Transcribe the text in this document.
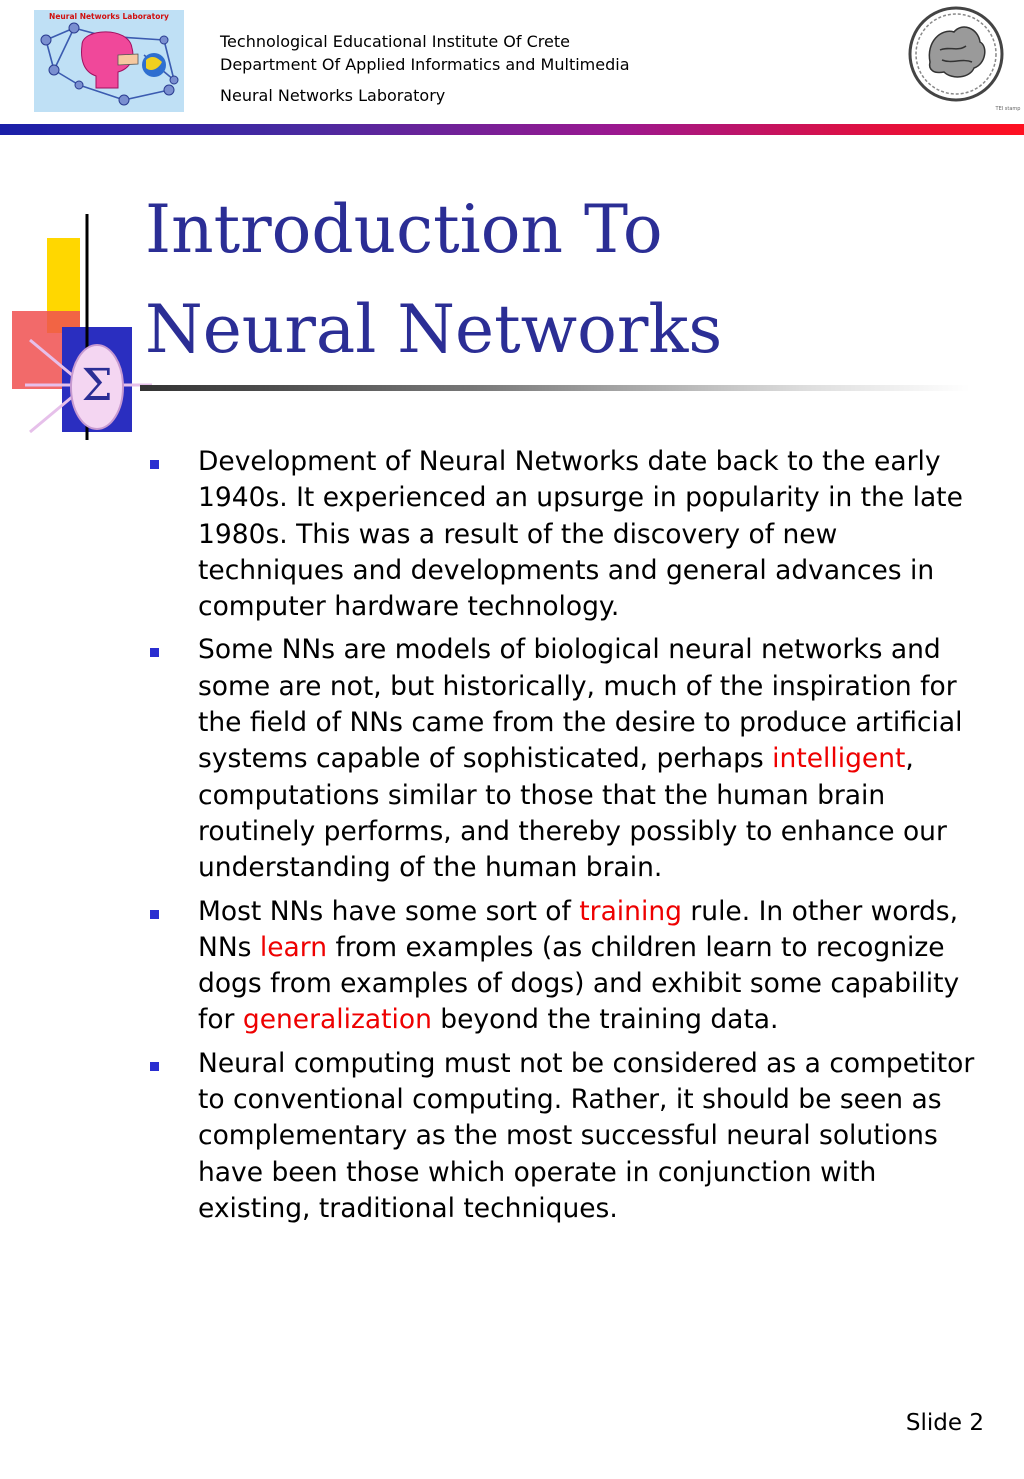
Neural Networks Laboratory
Technological Educational Institute Of Crete
Department Of Applied Informatics and Multimedia
Neural Networks Laboratory
TEI stamp
Σ
Introduction To
Neural Networks
Development of Neural Networks date back to the early 1940s. It experienced an upsurge in popularity in the late 1980s. This was a result of the discovery of new techniques and developments and general advances in computer hardware technology.
Some NNs are models of biological neural networks and some are not, but historically, much of the inspiration for the field of NNs came from the desire to produce artificial systems capable of sophisticated, perhaps intelligent, computations similar to those that the human brain routinely performs, and thereby possibly to enhance our understanding of the human brain.
Most NNs have some sort of training rule. In other words, NNs learn from examples (as children learn to recognize dogs from examples of dogs) and exhibit some capability for generalization beyond the training data.
Neural computing must not be considered as a competitor to conventional computing. Rather, it should be seen as complementary as the most successful neural solutions have been those which operate in conjunction with existing, traditional techniques.
Slide 2
